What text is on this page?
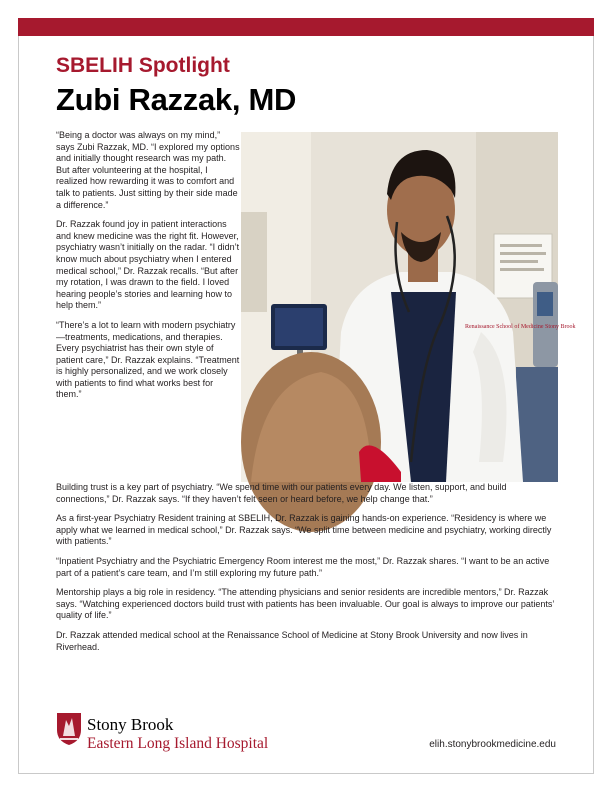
SBELIH Spotlight
Zubi Razzak, MD

“Being a doctor was always on my mind,” says Zubi Razzak, MD. “I explored my options and initially thought research was my path. But after volunteering at the hospital, I realized how rewarding it was to comfort and talk to patients. Just sitting by their side made a difference.”

Dr. Razzak found joy in patient interactions and knew medicine was the right fit. However, psychiatry wasn’t initially on the radar. “I didn’t know much about psychiatry when I entered medical school,” Dr. Razzak recalls. “But after my rotation, I was drawn to the field. I loved hearing people’s stories and learning how to help them.”

“There’s a lot to learn with modern psychiatry—treatments, medications, and therapies. Every psychiatrist has their own style of patient care,” Dr. Razzak explains. “Treatment is highly personalized, and we work closely with patients to find what works best for them.”

Renaissance School of Medicine Stony Brook

Building trust is a key part of psychiatry. “We spend time with our patients every day. We listen, support, and build connections,” Dr. Razzak says. “If they haven’t felt seen or heard before, we help change that.”

As a first-year Psychiatry Resident training at SBELIH, Dr. Razzak is gaining hands-on experience. “Residency is where we apply what we learned in medical school,” Dr. Razzak says. “We split time between medicine and psychiatry, working directly with patients.”

“Inpatient Psychiatry and the Psychiatric Emergency Room interest me the most,” Dr. Razzak shares. “I want to be an active part of a patient’s care team, and I’m still exploring my future path.”

Mentorship plays a big role in residency. “The attending physicians and senior residents are incredible mentors,” Dr. Razzak says. “Watching experienced doctors build trust with patients has been invaluable. Our goal is always to improve our patients’ quality of life.”

Dr. Razzak attended medical school at the Renaissance School of Medicine at Stony Brook University and now lives in Riverhead.

Stony Brook
Eastern Long Island Hospital	elih.stonybrookmedicine.edu
